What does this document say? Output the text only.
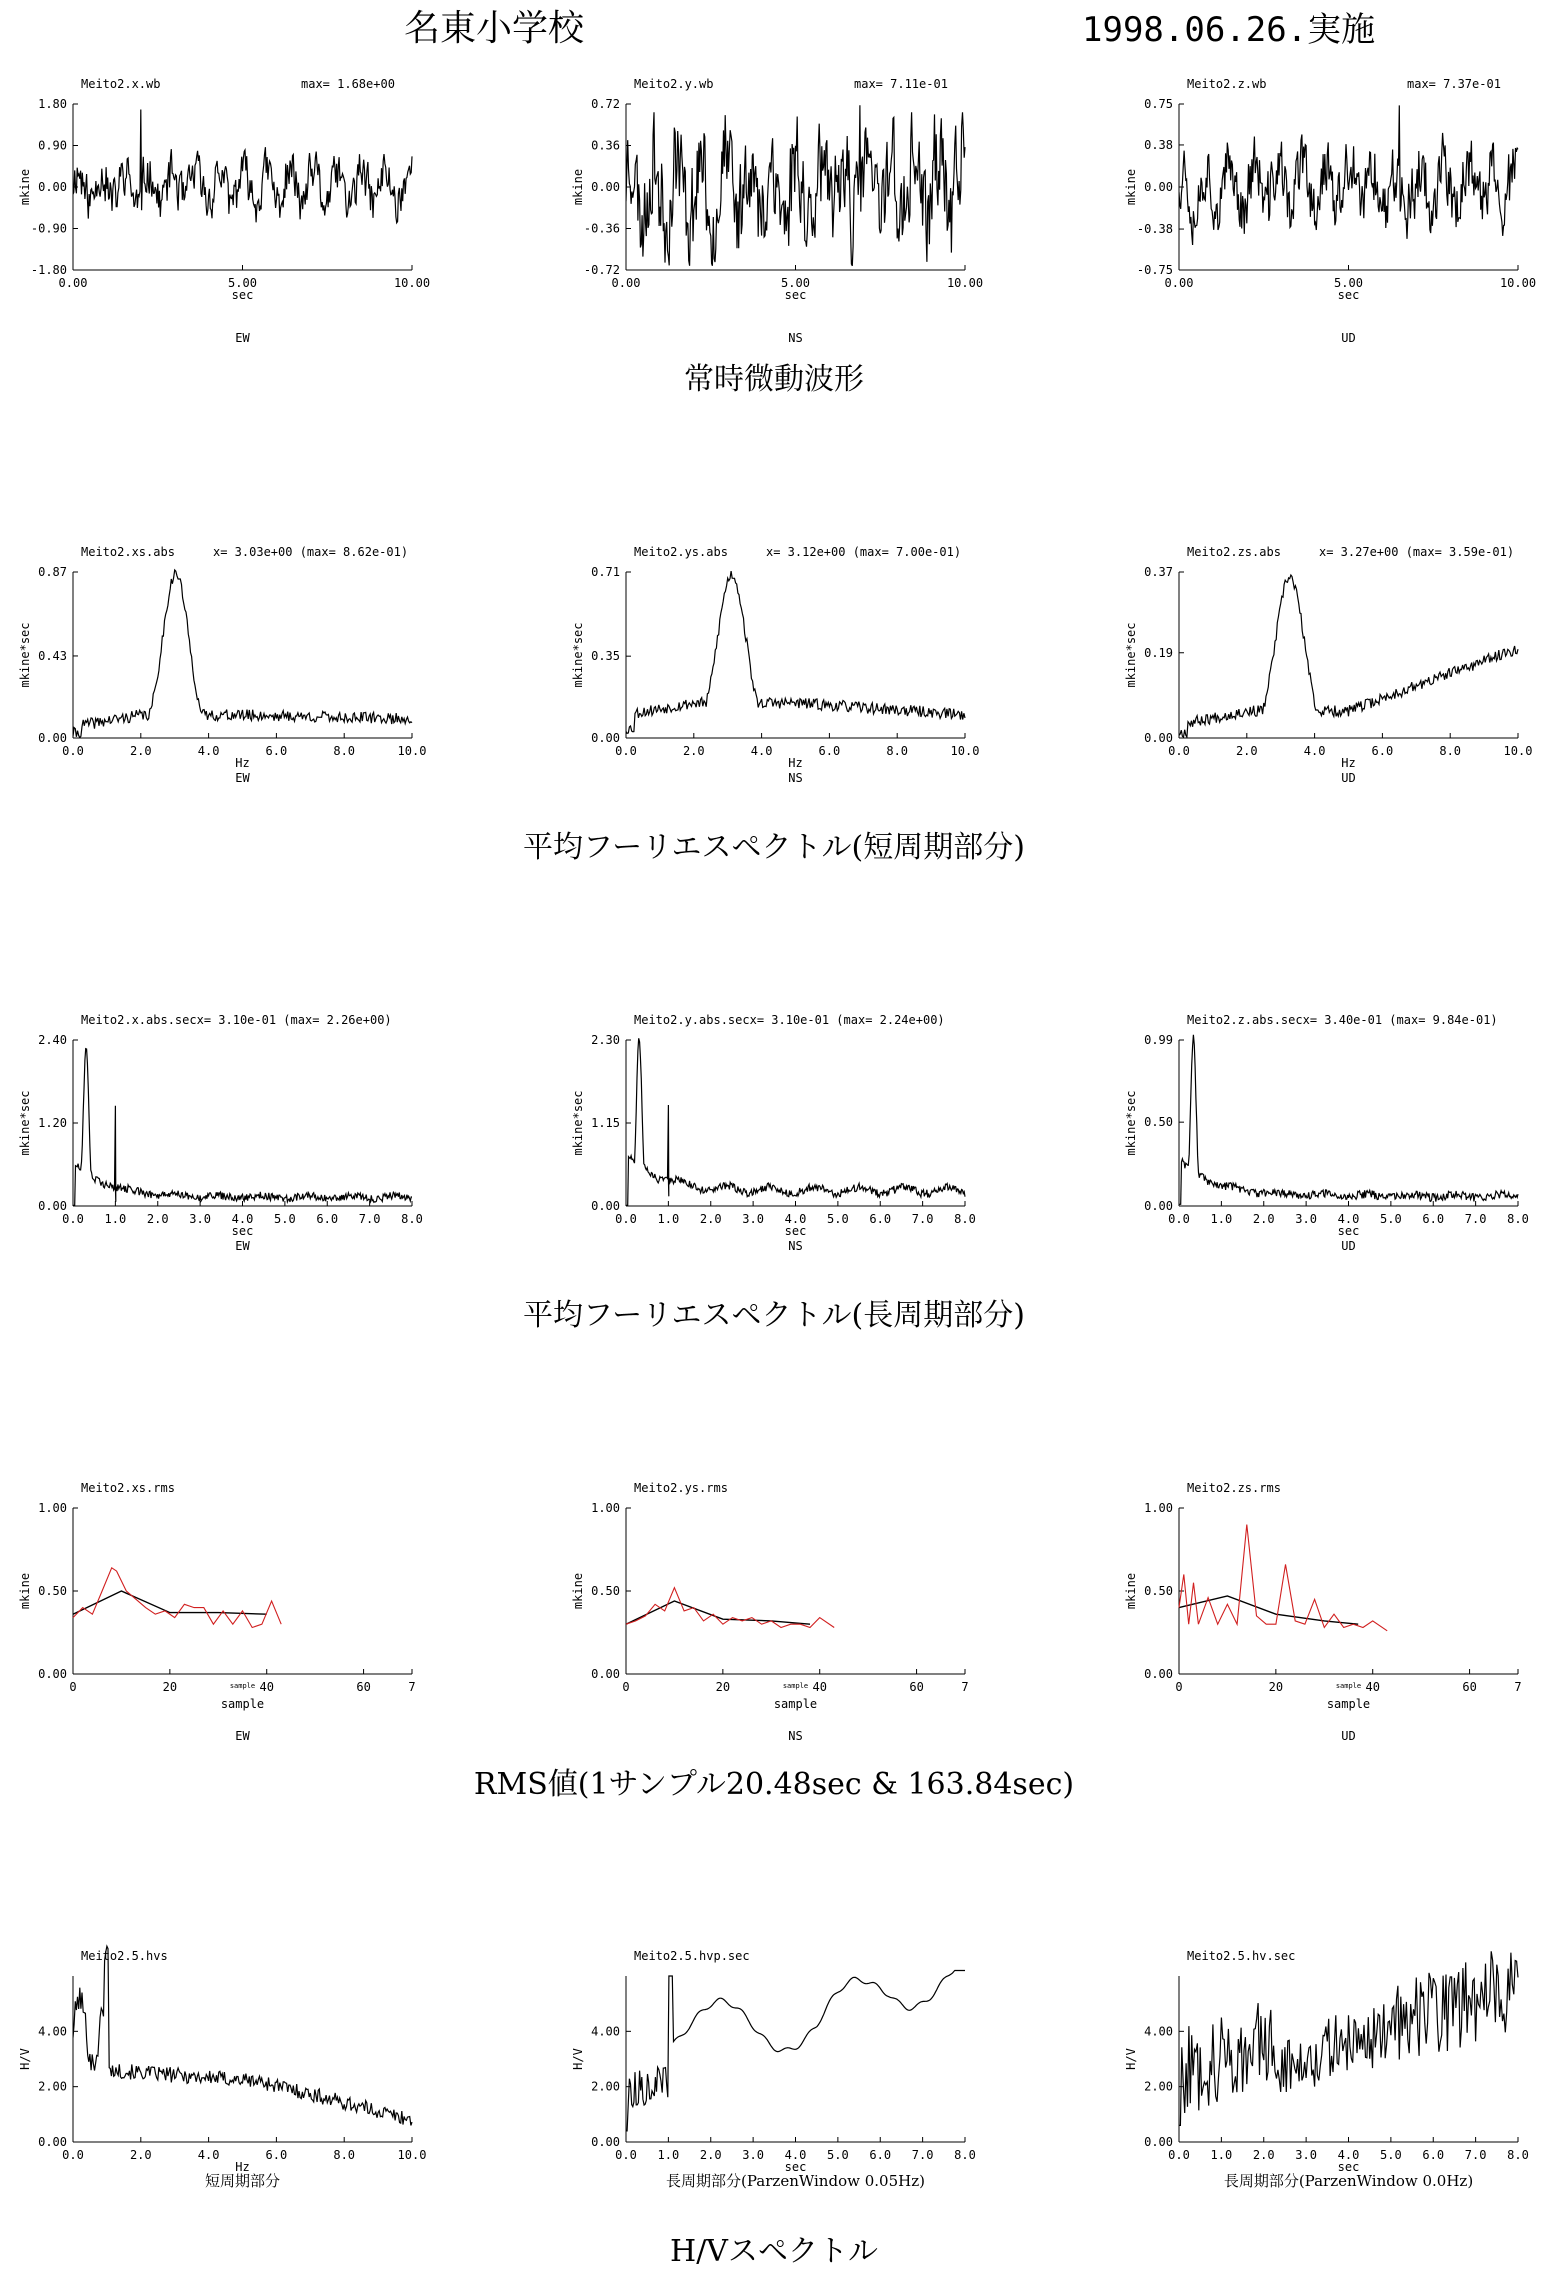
名東小学校	1998.06.26.実施
常時微動波形
平均フーリエスペクトル(短周期部分)
平均フーリエスペクトル(長周期部分)
RMS値(1サンプル20.48sec & 163.84sec)
H/Vスペクトル
Meito2.x.wb	max= 1.68e+00
1.80
0.90
0.00
-0.90
-1.80
0.00	5.00	10.00
mkine
sec
EW
Meito2.y.wb	max= 7.11e-01
0.72
0.36
0.00
-0.36
-0.72
0.00	5.00	10.00
mkine
sec
NS
Meito2.z.wb	max= 7.37e-01
0.75
0.38
0.00
-0.38
-0.75
0.00	5.00	10.00
mkine
sec
UD
Meito2.xs.abs	x= 3.03e+00 (max= 8.62e-01)
0.87
0.43
0.00
0.0	2.0	4.0	6.0	8.0	10.0
mkine*sec
Hz
EW
Meito2.ys.abs	x= 3.12e+00 (max= 7.00e-01)
0.71
0.35
0.00
0.0	2.0	4.0	6.0	8.0	10.0
mkine*sec
Hz
NS
Meito2.zs.abs	x= 3.27e+00 (max= 3.59e-01)
0.37
0.19
0.00
0.0	2.0	4.0	6.0	8.0	10.0
mkine*sec
Hz
UD
Meito2.x.abs.secx= 3.10e-01 (max= 2.26e+00)
2.40
1.20
0.00
0.0 1.0 2.0 3.0 4.0 5.0 6.0 7.0 8.0
mkine*sec
sec
EW
Meito2.y.abs.secx= 3.10e-01 (max= 2.24e+00)
2.30
1.15
0.00
0.0 1.0 2.0 3.0 4.0 5.0 6.0 7.0 8.0
mkine*sec
sec
NS
Meito2.z.abs.secx= 3.40e-01 (max= 9.84e-01)
0.99
0.50
0.00
0.0 1.0 2.0 3.0 4.0 5.0 6.0 7.0 8.0
mkine*sec
sec
UD
Meito2.xs.rms
1.00
0.50
0.00
0	20	40	60	7
mkine
sample
sample
EW
Meito2.ys.rms
1.00
0.50
0.00
0	20	40	60	7
mkine
sample
sample
NS
Meito2.zs.rms
1.00
0.50
0.00
0	20	40	60	7
mkine
sample
sample
UD
Meito2.5.hvs
4.00
2.00
0.00
0.0	2.0	4.0	6.0	8.0	10.0
H/V
Hz
短周期部分
Meito2.5.hvp.sec
4.00
2.00
0.00
0.0 1.0 2.0 3.0 4.0 5.0 6.0 7.0 8.0
H/V
sec
長周期部分(ParzenWindow 0.05Hz)
Meito2.5.hv.sec
4.00
2.00
0.00
0.0 1.0 2.0 3.0 4.0 5.0 6.0 7.0 8.0
H/V
sec
長周期部分(ParzenWindow 0.0Hz)
